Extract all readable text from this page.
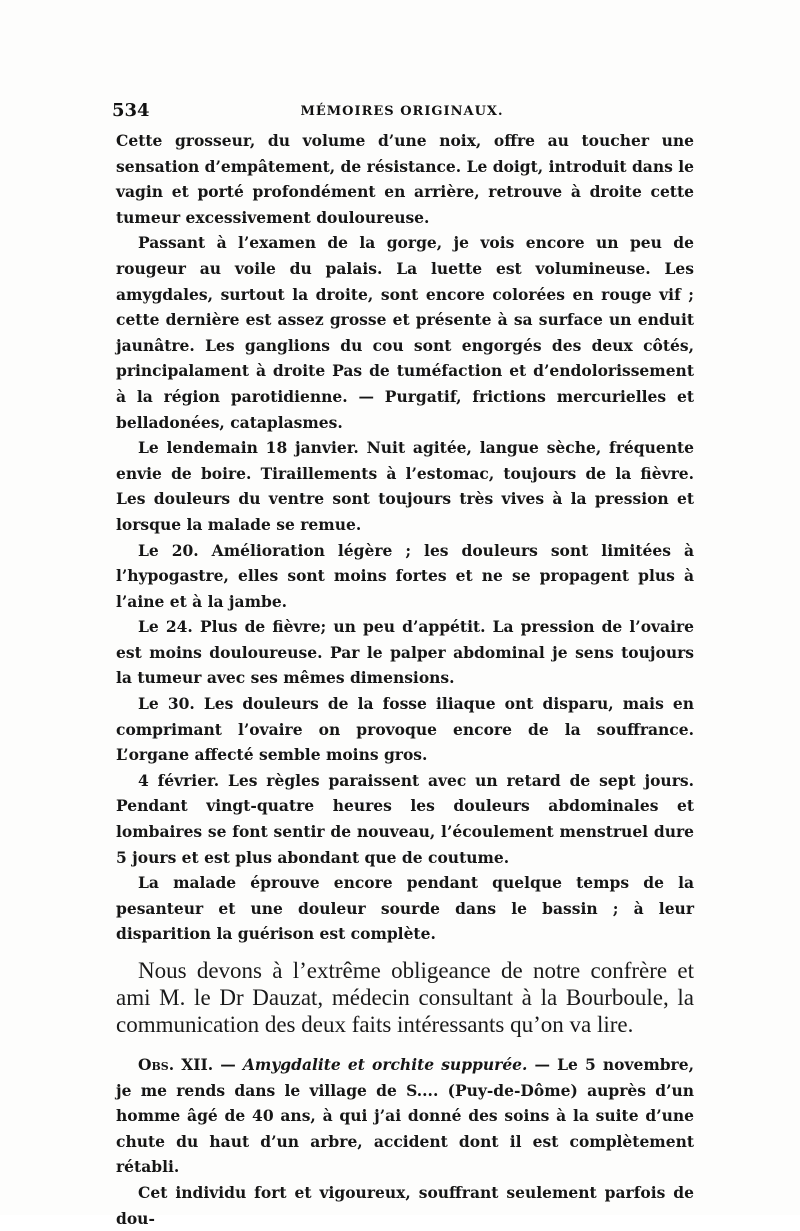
534	MÉMOIRES ORIGINAUX.

Cette grosseur, du volume d’une noix, offre au toucher une sensation d’empâtement, de résistance. Le doigt, introduit dans le vagin et porté profondément en arrière, retrouve à droite cette tumeur excessivement douloureuse.

Passant à l’examen de la gorge, je vois encore un peu de rougeur au voile du palais. La luette est volumineuse. Les amygdales, surtout la droite, sont encore colorées en rouge vif ; cette dernière est assez grosse et présente à sa surface un enduit jaunâtre. Les ganglions du cou sont engorgés des deux côtés, principalament à droite Pas de tuméfaction et d’endolorissement à la région parotidienne. — Purgatif, frictions mercurielles et belladonées, cataplasmes.

Le lendemain 18 janvier. Nuit agitée, langue sèche, fréquente envie de boire. Tiraillements à l’estomac, toujours de la fièvre. Les douleurs du ventre sont toujours très vives à la pression et lorsque la malade se remue.

Le 20. Amélioration légère ; les douleurs sont limitées à l’hypogastre, elles sont moins fortes et ne se propagent plus à l’aine et à la jambe.

Le 24. Plus de fièvre; un peu d’appétit. La pression de l’ovaire est moins douloureuse. Par le palper abdominal je sens toujours la tumeur avec ses mêmes dimensions.

Le 30. Les douleurs de la fosse iliaque ont disparu, mais en comprimant l’ovaire on provoque encore de la souffrance. L’organe affecté semble moins gros.

4 février. Les règles paraissent avec un retard de sept jours. Pendant vingt-quatre heures les douleurs abdominales et lombaires se font sentir de nouveau, l’écoulement menstruel dure 5 jours et est plus abondant que de coutume.

La malade éprouve encore pendant quelque temps de la pesanteur et une douleur sourde dans le bassin ; à leur disparition la guérison est complète.

Nous devons à l’extrême obligeance de notre confrère et ami M. le Dr Dauzat, médecin consultant à la Bourboule, la communication des deux faits intéressants qu’on va lire.

Obs. XII. — Amygdalite et orchite suppurée. — Le 5 novembre, je me rends dans le village de S.... (Puy-de-Dôme) auprès d’un homme âgé de 40 ans, à qui j’ai donné des soins à la suite d’une chute du haut d’un arbre, accident dont il est complètement rétabli.

Cet individu fort et vigoureux, souffrant seulement parfois de dou-
